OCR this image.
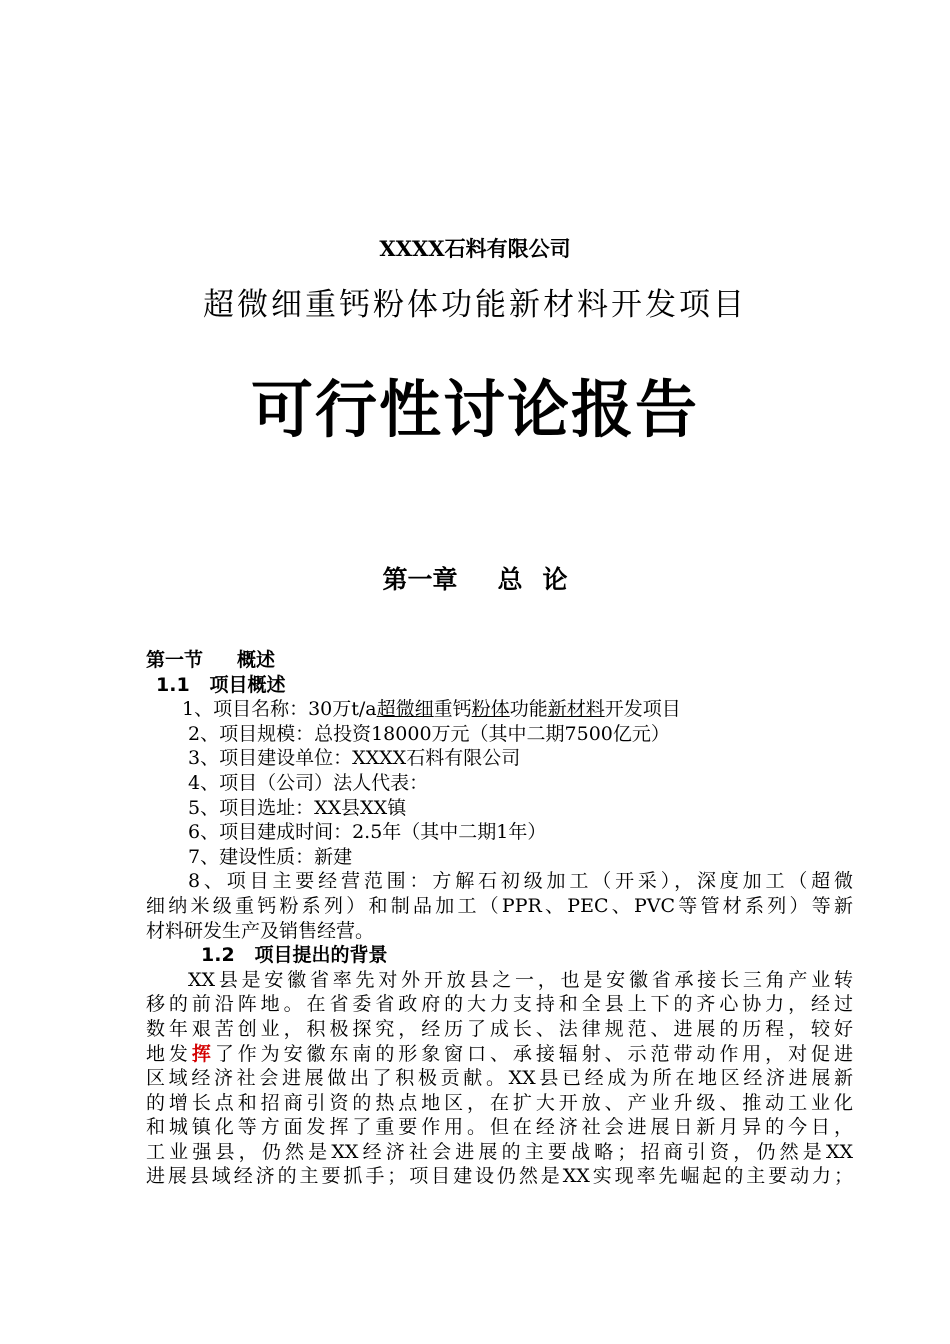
XXXX石料有限公司
超微细重钙粉体功能新材料开发项目
可行性讨论报告
第一章 总 论
第一节 概述
1.1 项目概述
1、项目名称：30万t/a超微细重钙粉体功能新材料开发项目
2、项目规模：总投资18000万元（其中二期7500亿元）
3、项目建设单位：XXXX石料有限公司
4、项目（公司）法人代表：
5、项目选址：XX县XX镇
6、项目建成时间：2.5年（其中二期1年）
7、建设性质：新建
8、项目主要经营范围：方解石初级加工（开采），深度加工（超微
细纳米级重钙粉系列）和制品加工（PPR、PEC、PVC等管材系列）等新
材料研发生产及销售经营。
1.2 项目提出的背景
XX县是安徽省率先对外开放县之一，也是安徽省承接长三角产业转
移的前沿阵地。在省委省政府的大力支持和全县上下的齐心协力，经过
数年艰苦创业，积极探究，经历了成长、法律规范、进展的历程，较好
地发挥了作为安徽东南的形象窗口、承接辐射、示范带动作用，对促进
区域经济社会进展做出了积极贡献。XX县已经成为所在地区经济进展新
的增长点和招商引资的热点地区，在扩大开放、产业升级、推动工业化
和城镇化等方面发挥了重要作用。但在经济社会进展日新月异的今日，
工业强县，仍然是XX经济社会进展的主要战略；招商引资，仍然是XX
进展县域经济的主要抓手；项目建设仍然是XX实现率先崛起的主要动力；
